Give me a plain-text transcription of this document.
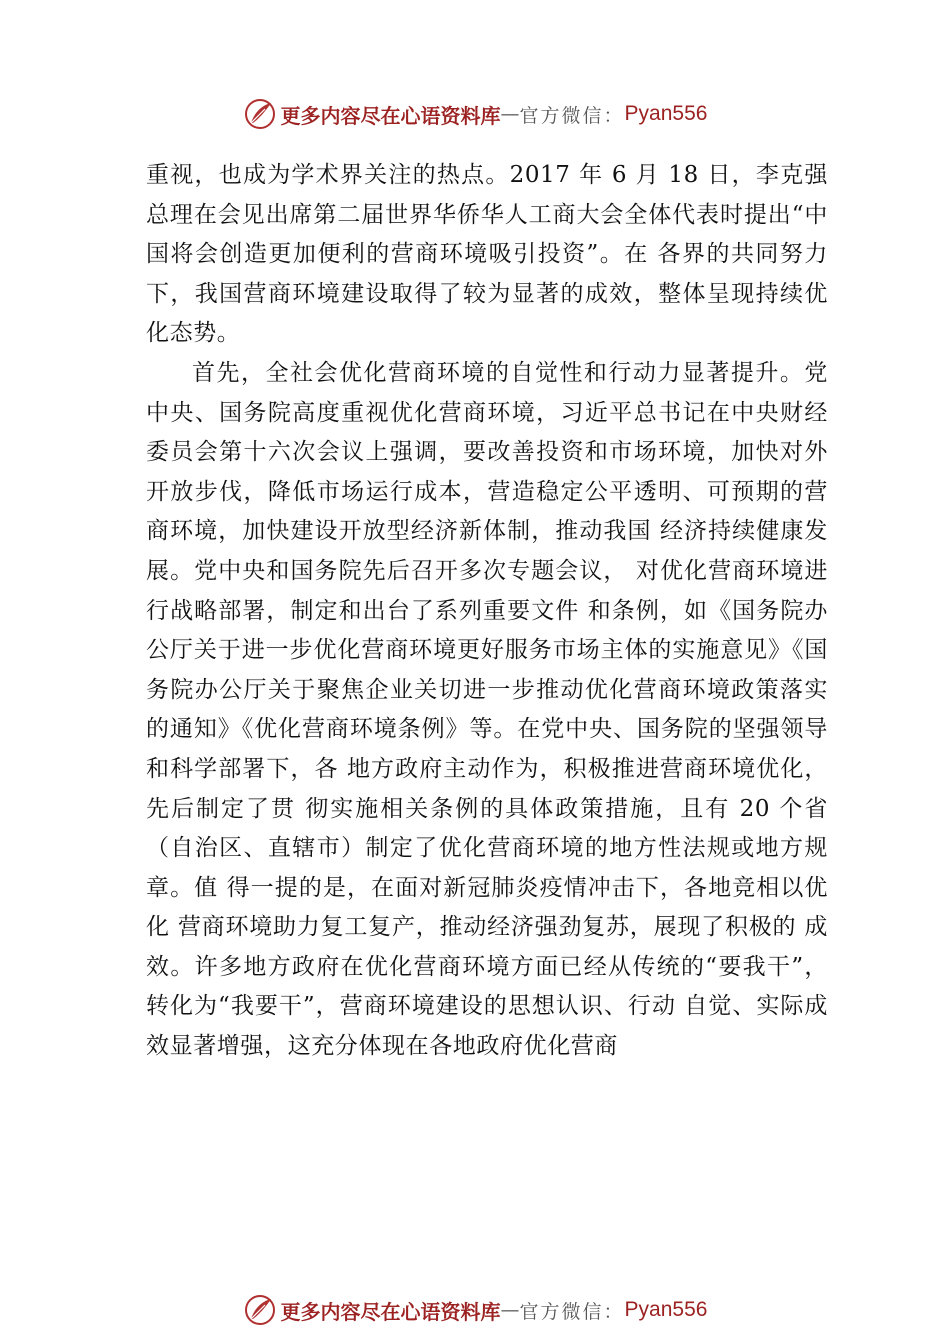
更多内容尽在心语资料库 — 官方微信： Pyan556

重视，也成为学术界关注的热点。2017 年 6 月 18 日，李克强总理在会见出席第二届世界华侨华人工商大会全体代表时提出“中国将会创造更加便利的营商环境吸引投资”。在 各界的共同努力下，我国营商环境建设取得了较为显著的成效，整体呈现持续优化态势。

首先，全社会优化营商环境的自觉性和行动力显著提升。党中央、国务院高度重视优化营商环境，习近平总书记在中央财经委员会第十六次会议上强调，要改善投资和市场环境，加快对外开放步伐，降低市场运行成本，营造稳定公平透明、可预期的营商环境，加快建设开放型经济新体制，推动我国 经济持续健康发展。党中央和国务院先后召开多次专题会议， 对优化营商环境进行战略部署，制定和出台了系列重要文件 和条例，如《国务院办公厅关于进一步优化营商环境更好服务市场主体的实施意见》《国务院办公厅关于聚焦企业关切进一步推动优化营商环境政策落实的通知》《优化营商环境条例》等。在党中央、国务院的坚强领导和科学部署下，各 地方政府主动作为，积极推进营商环境优化，先后制定了贯 彻实施相关条例的具体政策措施，且有 20 个省（自治区、直辖市）制定了优化营商环境的地方性法规或地方规章。值 得一提的是，在面对新冠肺炎疫情冲击下，各地竞相以优化 营商环境助力复工复产，推动经济强劲复苏，展现了积极的 成效。许多地方政府在优化营商环境方面已经从传统的“要我干”，转化为“我要干”，营商环境建设的思想认识、行动 自觉、实际成效显著增强，这充分体现在各地政府优化营商

更多内容尽在心语资料库 — 官方微信： Pyan556
